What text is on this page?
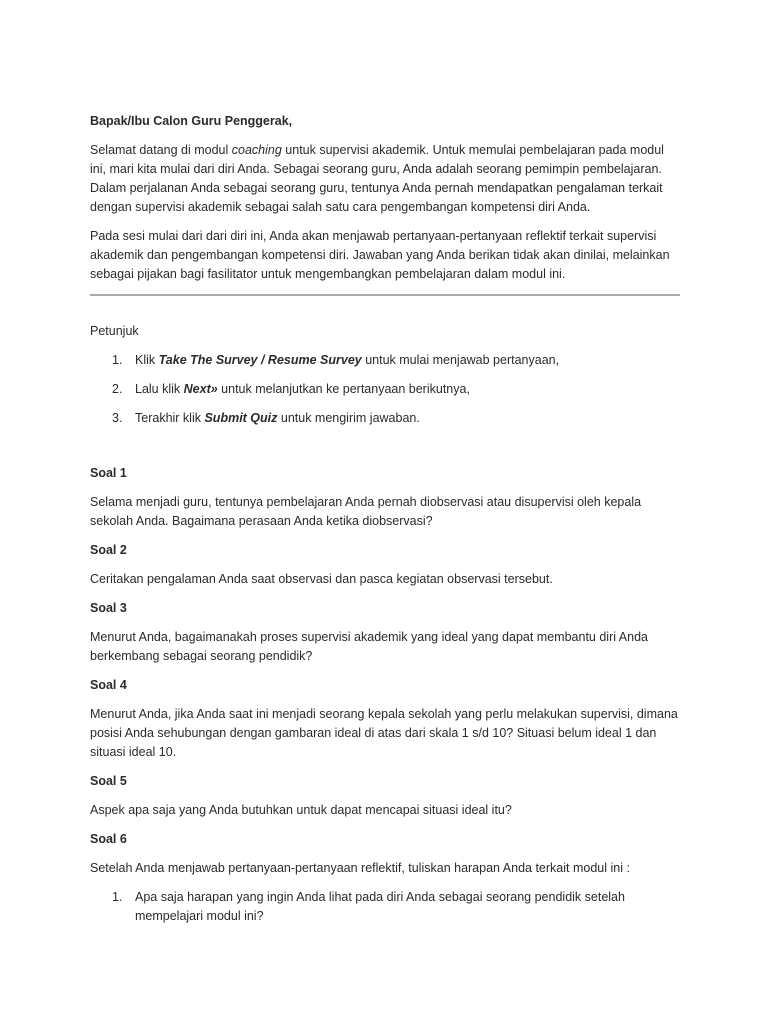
Bapak/Ibu Calon Guru Penggerak,

Selamat datang di modul coaching untuk supervisi akademik. Untuk memulai pembelajaran pada modul ini, mari kita mulai dari diri Anda. Sebagai seorang guru, Anda adalah seorang pemimpin pembelajaran. Dalam perjalanan Anda sebagai seorang guru, tentunya Anda pernah mendapatkan pengalaman terkait dengan supervisi akademik sebagai salah satu cara pengembangan kompetensi diri Anda.

Pada sesi mulai dari dari diri ini, Anda akan menjawab pertanyaan-pertanyaan reflektif terkait supervisi akademik dan pengembangan kompetensi diri. Jawaban yang Anda berikan tidak akan dinilai, melainkan sebagai pijakan bagi fasilitator untuk mengembangkan pembelajaran dalam modul ini.

Petunjuk

1. Klik Take The Survey / Resume Survey untuk mulai menjawab pertanyaan,
2. Lalu klik Next» untuk melanjutkan ke pertanyaan berikutnya,
3. Terakhir klik Submit Quiz untuk mengirim jawaban.

Soal 1

Selama menjadi guru, tentunya pembelajaran Anda pernah diobservasi atau disupervisi oleh kepala sekolah Anda. Bagaimana perasaan Anda ketika diobservasi?

Soal 2

Ceritakan pengalaman Anda saat observasi dan pasca kegiatan observasi tersebut.

Soal 3

Menurut Anda, bagaimanakah proses supervisi akademik yang ideal yang dapat membantu diri Anda berkembang sebagai seorang pendidik?

Soal 4

Menurut Anda, jika Anda saat ini menjadi seorang kepala sekolah yang perlu melakukan supervisi, dimana posisi Anda sehubungan dengan gambaran ideal di atas dari skala 1 s/d 10? Situasi belum ideal 1 dan situasi ideal 10.

Soal 5

Aspek apa saja yang Anda butuhkan untuk dapat mencapai situasi ideal itu?

Soal 6

Setelah Anda menjawab pertanyaan-pertanyaan reflektif, tuliskan harapan Anda terkait modul ini :

1. Apa saja harapan yang ingin Anda lihat pada diri Anda sebagai seorang pendidik setelah mempelajari modul ini?
